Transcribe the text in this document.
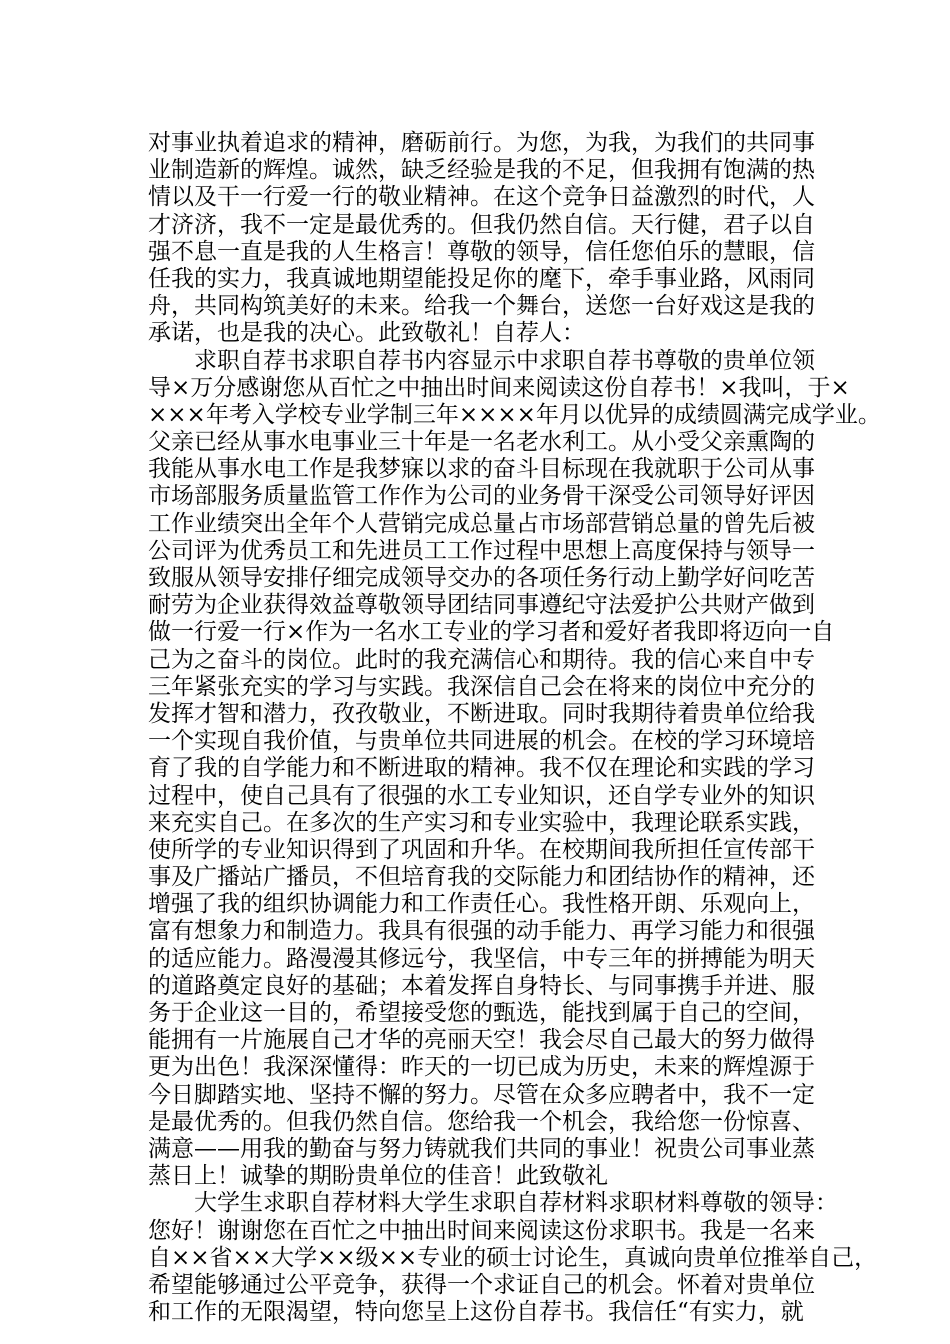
对事业执着追求的精神，磨砺前行。为您，为我，为我们的共同事
业制造新的辉煌。诚然，缺乏经验是我的不足，但我拥有饱满的热
情以及干一行爱一行的敬业精神。在这个竞争日益激烈的时代，人
才济济，我不一定是最优秀的。但我仍然自信。天行健，君子以自
强不息一直是我的人生格言！尊敬的领导，信任您伯乐的慧眼，信
任我的实力，我真诚地期望能投足你的麾下，牵手事业路，风雨同
舟，共同构筑美好的未来。给我一个舞台，送您一台好戏这是我的
承诺，也是我的决心。此致敬礼！自荐人：
求职自荐书求职自荐书内容显示中求职自荐书尊敬的贵单位领
导×万分感谢您从百忙之中抽出时间来阅读这份自荐书！×我叫，于×
×××年考入学校专业学制三年××××年月以优异的成绩圆满完成学业。
父亲已经从事水电事业三十年是一名老水利工。从小受父亲熏陶的
我能从事水电工作是我梦寐以求的奋斗目标现在我就职于公司从事
市场部服务质量监管工作作为公司的业务骨干深受公司领导好评因
工作业绩突出全年个人营销完成总量占市场部营销总量的曾先后被
公司评为优秀员工和先进员工工作过程中思想上高度保持与领导一
致服从领导安排仔细完成领导交办的各项任务行动上勤学好问吃苦
耐劳为企业获得效益尊敬领导团结同事遵纪守法爱护公共财产做到
做一行爱一行×作为一名水工专业的学习者和爱好者我即将迈向一自
己为之奋斗的岗位。此时的我充满信心和期待。我的信心来自中专
三年紧张充实的学习与实践。我深信自己会在将来的岗位中充分的
发挥才智和潜力，孜孜敬业，不断进取。同时我期待着贵单位给我
一个实现自我价值，与贵单位共同进展的机会。在校的学习环境培
育了我的自学能力和不断进取的精神。我不仅在理论和实践的学习
过程中，使自己具有了很强的水工专业知识，还自学专业外的知识
来充实自己。在多次的生产实习和专业实验中，我理论联系实践，
使所学的专业知识得到了巩固和升华。在校期间我所担任宣传部干
事及广播站广播员，不但培育我的交际能力和团结协作的精神，还
增强了我的组织协调能力和工作责任心。我性格开朗、乐观向上，
富有想象力和制造力。我具有很强的动手能力、再学习能力和很强
的适应能力。路漫漫其修远兮，我坚信，中专三年的拼搏能为明天
的道路奠定良好的基础；本着发挥自身特长、与同事携手并进、服
务于企业这一目的，希望接受您的甄选，能找到属于自己的空间，
能拥有一片施展自己才华的亮丽天空！我会尽自己最大的努力做得
更为出色！我深深懂得：昨天的一切已成为历史，未来的辉煌源于
今日脚踏实地、坚持不懈的努力。尽管在众多应聘者中，我不一定
是最优秀的。但我仍然自信。您给我一个机会，我给您一份惊喜、
满意——用我的勤奋与努力铸就我们共同的事业！祝贵公司事业蒸
蒸日上！诚挚的期盼贵单位的佳音！此致敬礼
大学生求职自荐材料大学生求职自荐材料求职材料尊敬的领导：
您好！谢谢您在百忙之中抽出时间来阅读这份求职书。我是一名来
自××省××大学××级××专业的硕士讨论生，真诚向贵单位推举自己，
希望能够通过公平竞争，获得一个求证自己的机会。怀着对贵单位
和工作的无限渴望，特向您呈上这份自荐书。我信任“有实力，就
